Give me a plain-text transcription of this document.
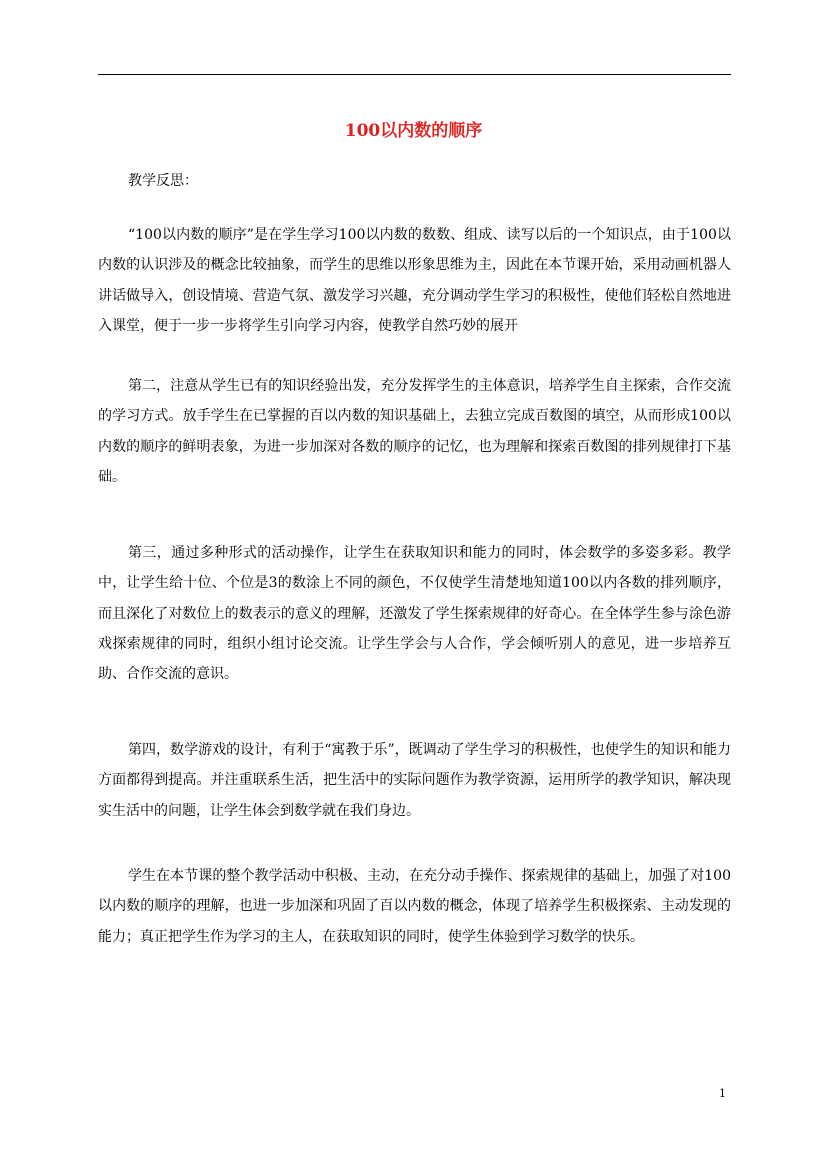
100以内数的顺序
教学反思：

“100以内数的顺序”是在学生学习100以内数的数数、组成、读写以后的一个知识点，由于100以内数的认识涉及的概念比较抽象，而学生的思维以形象思维为主，因此在本节课开始，采用动画机器人讲话做导入，创设情境、营造气氛、激发学习兴趣，充分调动学生学习的积极性，使他们轻松自然地进入课堂，便于一步一步将学生引向学习内容，使教学自然巧妙的展开

第二，注意从学生已有的知识经验出发，充分发挥学生的主体意识，培养学生自主探索，合作交流的学习方式。放手学生在已掌握的百以内数的知识基础上，去独立完成百数图的填空，从而形成100以内数的顺序的鲜明表象，为进一步加深对各数的顺序的记忆，也为理解和探索百数图的排列规律打下基础。

第三，通过多种形式的活动操作，让学生在获取知识和能力的同时，体会数学的多姿多彩。教学中，让学生给十位、个位是3的数涂上不同的颜色，不仅使学生清楚地知道100以内各数的排列顺序，而且深化了对数位上的数表示的意义的理解，还激发了学生探索规律的好奇心。在全体学生参与涂色游戏探索规律的同时，组织小组讨论交流。让学生学会与人合作，学会倾听别人的意见，进一步培养互助、合作交流的意识。

第四，数学游戏的设计，有利于“寓教于乐”，既调动了学生学习的积极性，也使学生的知识和能力方面都得到提高。并注重联系生活，把生活中的实际问题作为教学资源，运用所学的教学知识，解决现实生活中的问题，让学生体会到数学就在我们身边。

学生在本节课的整个教学活动中积极、主动，在充分动手操作、探索规律的基础上，加强了对100以内数的顺序的理解，也进一步加深和巩固了百以内数的概念，体现了培养学生积极探索、主动发现的能力；真正把学生作为学习的主人，在获取知识的同时，使学生体验到学习数学的快乐。

1
